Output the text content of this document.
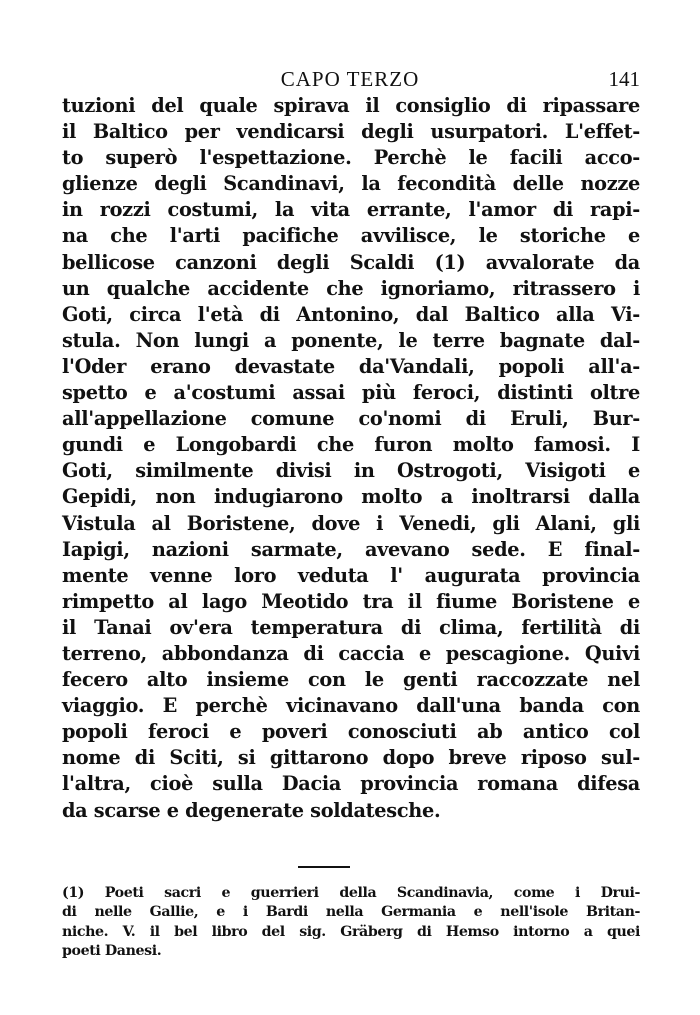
CAPO TERZO	141
tuzioni del quale spirava il consiglio di ripassare
il Baltico per vendicarsi degli usurpatori. L'effet-
to superò l'espettazione. Perchè le facili acco-
glienze degli Scandinavi, la fecondità delle nozze
in rozzi costumi, la vita errante, l'amor di rapi-
na che l'arti pacifiche avvilisce, le storiche e
bellicose canzoni degli Scaldi (1) avvalorate da
un qualche accidente che ignoriamo, ritrassero i
Goti, circa l'età di Antonino, dal Baltico alla Vi-
stula. Non lungi a ponente, le terre bagnate dal-
l'Oder erano devastate da'Vandali, popoli all'a-
spetto e a'costumi assai più feroci, distinti oltre
all'appellazione comune co'nomi di Eruli, Bur-
gundi e Longobardi che furon molto famosi. I
Goti, similmente divisi in Ostrogoti, Visigoti e
Gepidi, non indugiarono molto a inoltrarsi dalla
Vistula al Boristene, dove i Venedi, gli Alani, gli
Iapigi, nazioni sarmate, avevano sede. E final-
mente venne loro veduta l' augurata provincia
rimpetto al lago Meotido tra il fiume Boristene e
il Tanai ov'era temperatura di clima, fertilità di
terreno, abbondanza di caccia e pescagione. Quivi
fecero alto insieme con le genti raccozzate nel
viaggio. E perchè vicinavano dall'una banda con
popoli feroci e poveri conosciuti ab antico col
nome di Sciti, si gittarono dopo breve riposo sul-
l'altra, cioè sulla Dacia provincia romana difesa
da scarse e degenerate soldatesche.
(1) Poeti sacri e guerrieri della Scandinavia, come i Drui-
di nelle Gallie, e i Bardi nella Germania e nell'isole Britan-
niche. V. il bel libro del sig. Gräberg di Hemso intorno a quei
poeti Danesi.
